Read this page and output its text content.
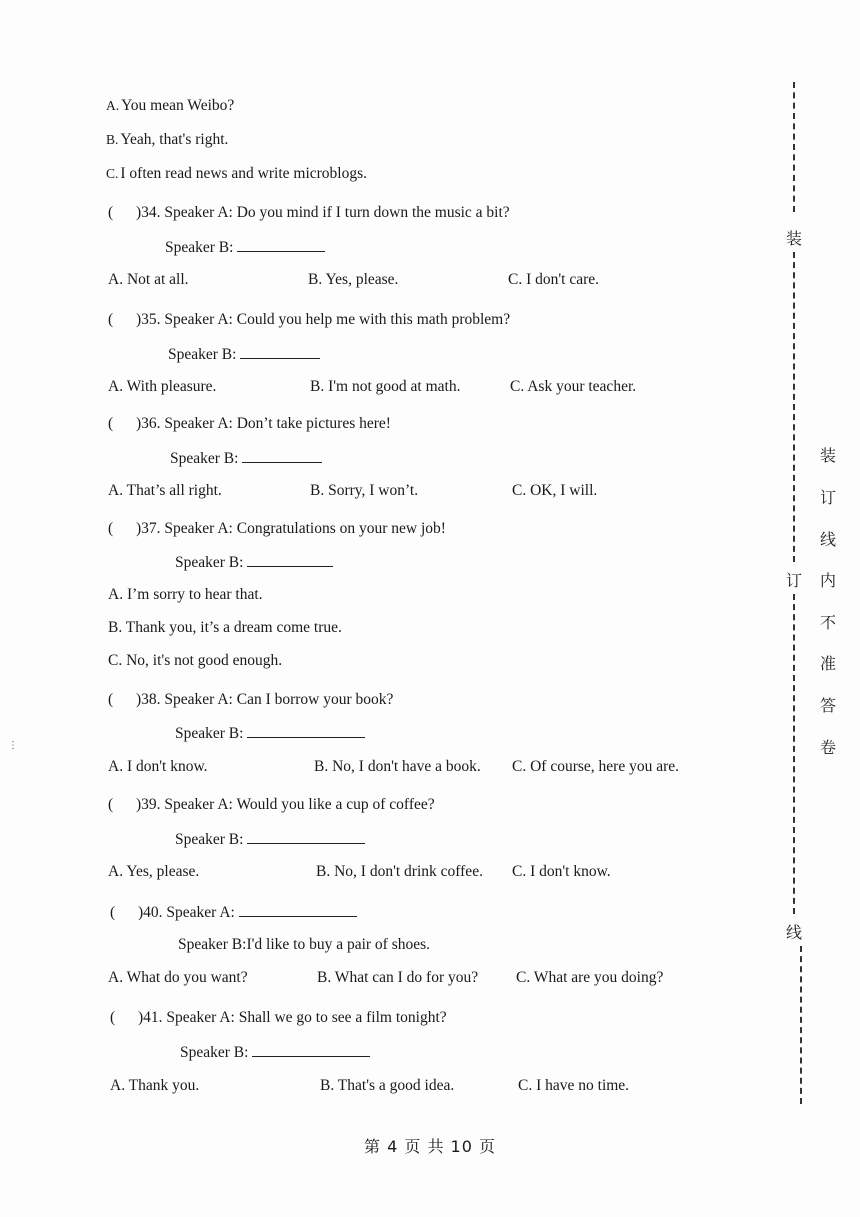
A. You mean Weibo?
B. Yeah, that's right.
C. I often read news and write microblogs.
( )34. Speaker A: Do you mind if I turn down the music a bit?
Speaker B:
A. Not at all.	B. Yes, please.	C. I don't care.
( )35. Speaker A: Could you help me with this math problem?
Speaker B:
A. With pleasure.	B. I'm not good at math.	C. Ask your teacher.
( )36. Speaker A: Don’t take pictures here!
Speaker B:
A. That’s all right.	B. Sorry, I won’t.	C. OK, I will.
( )37. Speaker A: Congratulations on your new job!
Speaker B:
A. I’m sorry to hear that.
B. Thank you, it’s a dream come true.
C. No, it's not good enough.
( )38. Speaker A: Can I borrow your book?
Speaker B:
A. I don't know.	B. No, I don't have a book. C. Of course, here you are.
( )39. Speaker A: Would you like a cup of coffee?
Speaker B:
A. Yes, please.	B. No, I don't drink coffee. C. I don't know.
( )40. Speaker A:
Speaker B:I'd like to buy a pair of shoes.
A. What do you want?	B. What can I do for you? C. What are you doing?
( )41. Speaker A: Shall we go to see a film tonight?
Speaker B:
A. Thank you.	B. That's a good idea.	C. I have no time.
第 4 页 共 10 页
装
订
线
装
订
线
内
不
准
答
卷
⋮
